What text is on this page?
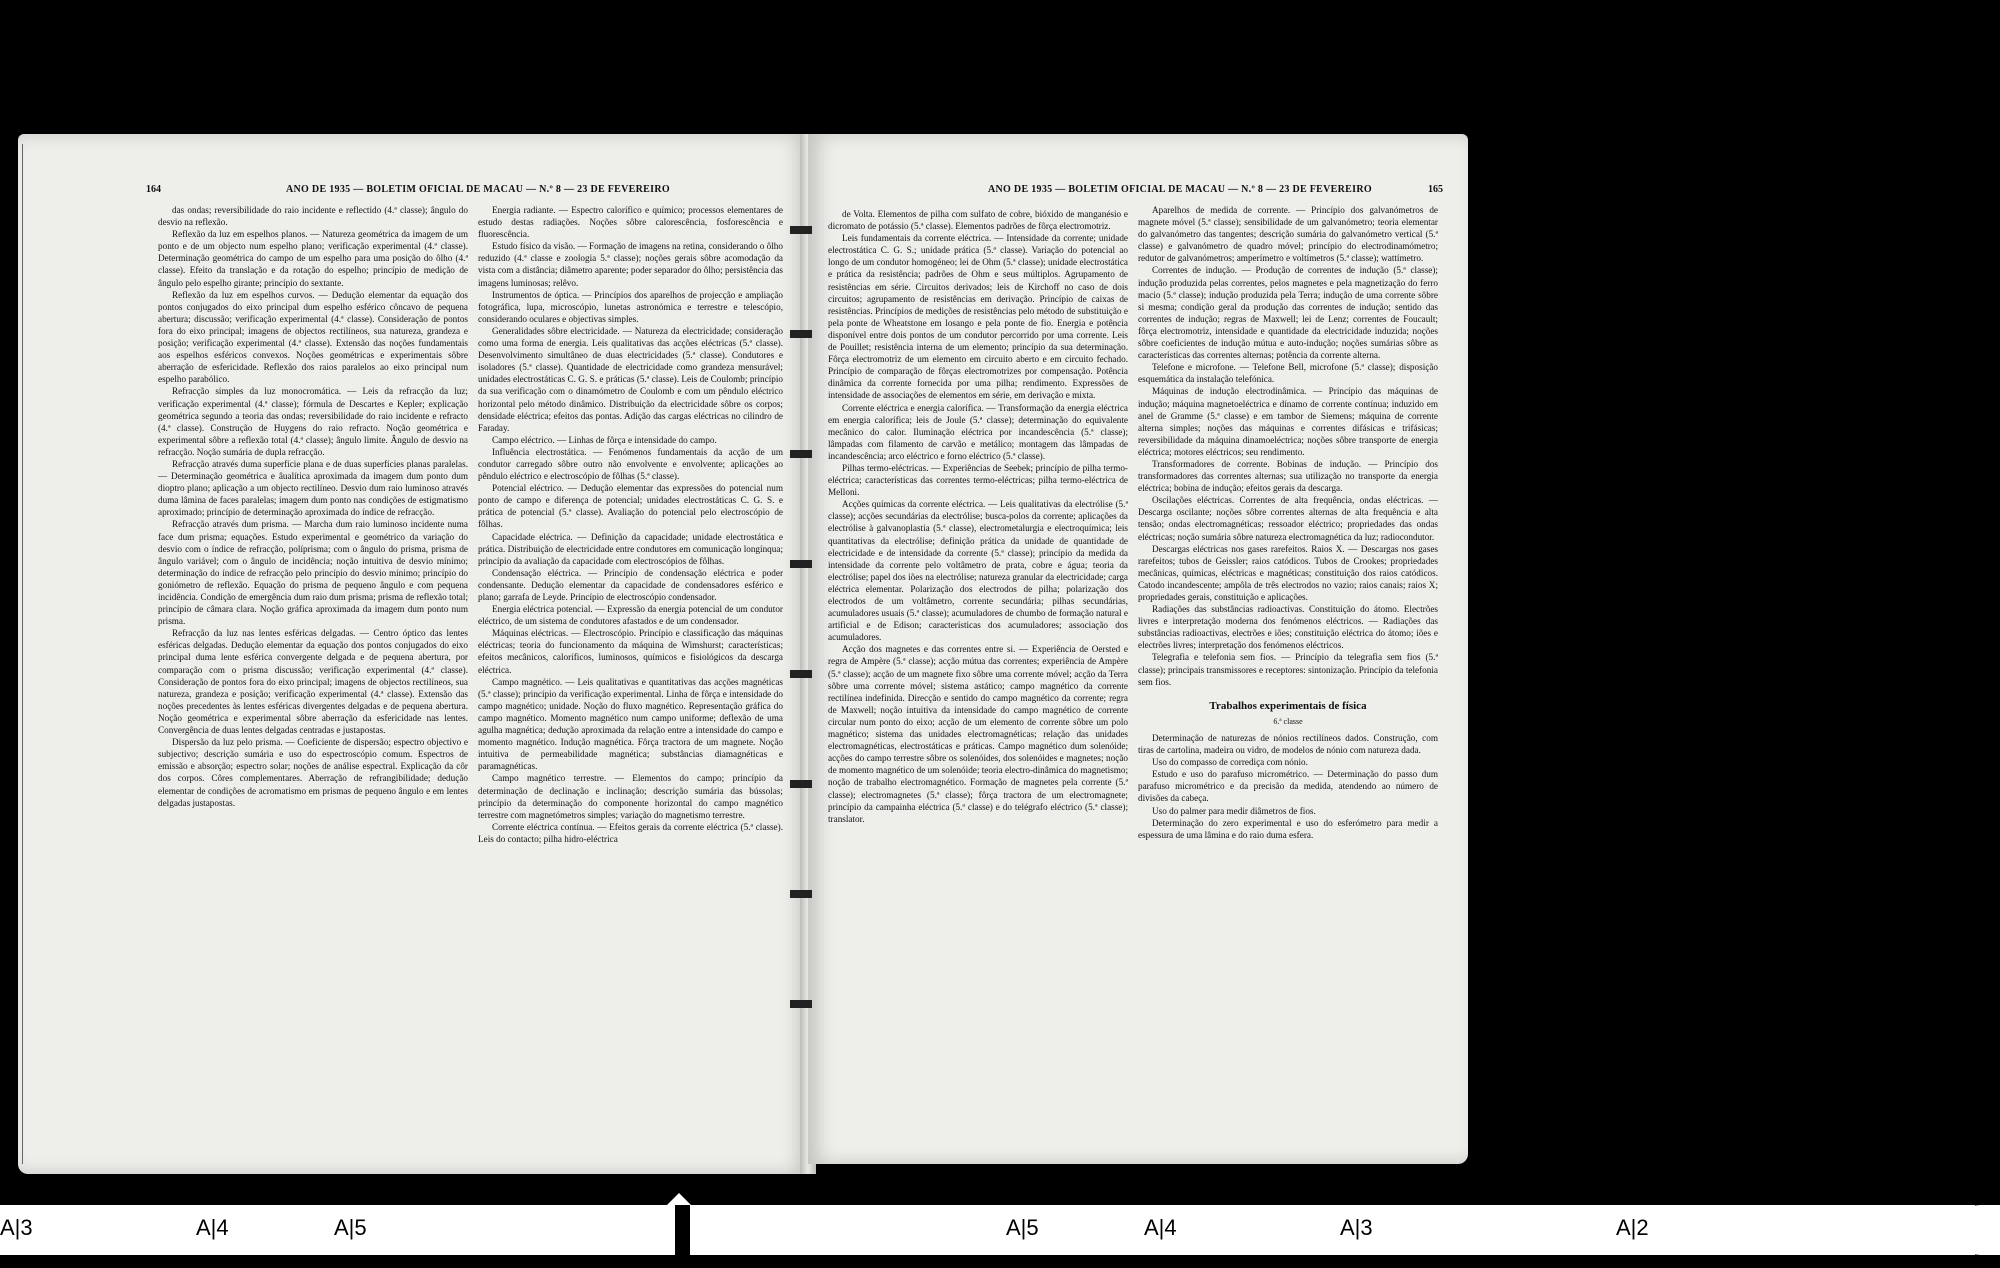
164	ANO DE 1935 — BOLETIM OFICIAL DE MACAU — N.º 8 — 23 DE FEVEREIRO

das ondas; reversibilidade do raio incidente e reflectido (4.ª classe); ângulo do desvio na reflexão.

Reflexão da luz em espelhos planos. — Natureza geométrica da imagem de um ponto e de um objecto num espelho plano; verificação experimental (4.ª classe). Determinação geométrica do campo de um espelho para uma posição do ôlho (4.ª classe). Efeito da translação e da rotação do espelho; princípio de medição de ângulo pelo espelho girante; princípio do sextante.

Reflexão da luz em espelhos curvos. — Dedução elementar da equação dos pontos conjugados do eixo principal dum espelho esférico côncavo de pequena abertura; discussão; verificação experimental (4.ª classe). Consideração de pontos fora do eixo principal; imagens de objectos rectilíneos, sua natureza, grandeza e posição; verificação experimental (4.ª classe). Extensão das noções fundamentais aos espelhos esféricos convexos. Noções geométricas e experimentais sôbre aberração de esfericidade. Reflexão dos raios paralelos ao eixo principal num espelho parabólico.

Refracção simples da luz monocromática. — Leis da refracção da luz; verificação experimental (4.ª classe); fórmula de Descartes e Kepler; explicação geométrica segundo a teoria das ondas; reversibilidade do raio incidente e refracto (4.ª classe). Construção de Huygens do raio refracto. Noção geométrica e experimental sôbre a reflexão total (4.ª classe); ângulo limite. Ângulo de desvio na refracção. Noção sumária de dupla refracção.

Refracção através duma superfície plana e de duas superfícies planas paralelas. — Determinação geométrica e âualítica aproximada da imagem dum ponto dum dioptro plano; aplicação a um objecto rectilíneo. Desvio dum raio luminoso através duma lâmina de faces paralelas; imagem dum ponto nas condições de estigmatismo aproximado; princípio de determinação aproximada do índice de refracção.

Refracção através dum prisma. — Marcha dum raio luminoso incidente numa face dum prisma; equações. Estudo experimental e geométrico da variação do desvio com o índice de refracção, políprisma; com o ângulo do prisma, prisma de ângulo variável; com o ângulo de incidência; noção intuitiva de desvio mínimo; determinação do índice de refracção pelo princípio do desvio mínimo; princípio do goniómetro de reflexão. Equação do prisma de pequeno ângulo e com pequena incidência. Condição de emergência dum raio dum prisma; prisma de reflexão total; princípio de câmara clara. Noção gráfica aproximada da imagem dum ponto num prisma.

Refracção da luz nas lentes esféricas delgadas. — Centro óptico das lentes esféricas delgadas. Dedução elementar da equação dos pontos conjugados do eixo principal duma lente esférica convergente delgada e de pequena abertura, por comparação com o prisma discussão; verificação experimental (4.ª classe). Consideração de pontos fora do eixo principal; imagens de objectos rectilíneos, sua natureza, grandeza e posição; verificação experimental (4.ª classe). Extensão das noções precedentes às lentes esféricas divergentes delgadas e de pequena abertura. Noção geométrica e experimental sôbre aberração da esfericidade nas lentes. Convergência de duas lentes delgadas centradas e justapostas.

Dispersão da luz pelo prisma. — Coeficiente de dispersão; espectro objectivo e subjectivo; descrição sumária e uso do espectroscópio comum. Espectros de emissão e absorção; espectro solar; noções de análise espectral. Explicação da côr dos corpos. Côres complementares. Aberração de refrangibilidade; dedução elementar de condições de acromatismo em prismas de pequeno ângulo e em lentes delgadas justapostas.

Energia radiante. — Espectro calorífico e químico; processos elementares de estudo destas radiações. Noções sôbre calorescência, fosforescência e fluorescência.

Estudo físico da visão. — Formação de imagens na retina, considerando o ôlho reduzido (4.ª classe e zoologia 5.ª classe); noções gerais sôbre acomodação da vista com a distância; diâmetro aparente; poder separador do ôlho; persistência das imagens luminosas; relêvo.

Instrumentos de óptica. — Princípios dos aparelhos de projecção e ampliação fotográfica, lupa, microscópio, lunetas astronómica e terrestre e telescópio, considerando oculares e objectivas simples.

Generalidades sôbre electricidade. — Natureza da electricidade; consideração como uma forma de energia. Leis qualitativas das acções eléctricas (5.ª classe). Desenvolvimento simultâneo de duas electricidades (5.ª classe). Condutores e isoladores (5.ª classe). Quantidade de electricidade como grandeza mensurável; unidades electrostáticas C. G. S. e práticas (5.ª classe). Leis de Coulomb; princípio da sua verificação com o dinamómetro de Coulomb e com um pêndulo eléctrico horizontal pelo método dinâmico. Distribuição da electricidade sôbre os corpos; densidade eléctrica; efeitos das pontas. Adição das cargas eléctricas no cilindro de Faraday.

Campo eléctrico. — Linhas de fôrça e intensidade do campo.

Influência electrostática. — Fenómenos fundamentais da acção de um condutor carregado sôbre outro não envolvente e envolvente; aplicações ao pêndulo eléctrico e electroscópio de fôlhas (5.ª classe).

Potencial eléctrico. — Dedução elementar das expressões do potencial num ponto de campo e diferença de potencial; unidades electrostáticas C. G. S. e prática de potencial (5.ª classe). Avaliação do potencial pelo electroscópio de fôlhas.

Capacidade eléctrica. — Definição da capacidade; unidade electrostática e prática. Distribuição de electricidade entre condutores em comunicação longínqua; princípio da avaliação da capacidade com electroscópios de fôlhas.

Condensação eléctrica. — Princípio de condensação eléctrica e poder condensante. Dedução elementar da capacidade de condensadores esférico e plano; garrafa de Leyde. Princípio de electroscópio condensador.

Energia eléctrica potencial. — Expressão da energia potencial de um condutor eléctrico, de um sistema de condutores afastados e de um condensador.

Máquinas eléctricas. — Electroscópio. Princípio e classificação das máquinas eléctricas; teoria do funcionamento da máquina de Wimshurst; características; efeitos mecânicos, caloríficos, luminosos, químicos e fisiológicos da descarga eléctrica.

Campo magnético. — Leis qualitativas e quantitativas das acções magnéticas (5.ª classe); princípio da verificação experimental. Linha de fôrça e intensidade do campo magnético; unidade. Noção do fluxo magnético. Representação gráfica do campo magnético. Momento magnético num campo uniforme; deflexão de uma agulha magnética; dedução aproximada da relação entre a intensidade do campo e momento magnético. Indução magnética. Fôrça tractora de um magnete. Noção intuitiva de permeabilidade magnética; substâncias diamagnéticas e paramagnéticas.

Campo magnético terrestre. — Elementos do campo; princípio da determinação de declinação e inclinação; descrição sumária das bússolas; princípio da determinação do componente horizontal do campo magnético terrestre com magnetómetros simples; variação do magnetismo terrestre.

Corrente eléctrica contínua. — Efeitos gerais da corrente eléctrica (5.ª classe). Leis do contacto; pilha hidro-eléctrica

ANO DE 1935 — BOLETIM OFICIAL DE MACAU — N.º 8 — 23 DE FEVEREIRO	165

de Volta. Elementos de pilha com sulfato de cobre, bióxido de manganésio e dicromato de potássio (5.ª classe). Elementos padrões de fôrça electromotriz.

Leis fundamentais da corrente eléctrica. — Intensidade da corrente; unidade electrostática C. G. S.; unidade prática (5.ª classe). Variação do potencial ao longo de um condutor homogéneo; lei de Ohm (5.ª classe); unidade electrostática e prática da resistência; padrões de Ohm e seus múltiplos. Agrupamento de resistências em série. Circuitos derivados; leis de Kirchoff no caso de dois circuitos; agrupamento de resistências em derivação. Princípio de caixas de resistências. Princípios de medições de resistências pelo método de substituição e pela ponte de Wheatstone em losango e pela ponte de fio. Energia e potência disponível entre dois pontos de um condutor percorrido por uma corrente. Leis de Pouillet; resistência interna de um elemento; princípio da sua determinação. Fôrça electromotriz de um elemento em circuito aberto e em circuito fechado. Princípio de comparação de fôrças electromotrizes por compensação. Potência dinâmica da corrente fornecida por uma pilha; rendimento. Expressões de intensidade de associações de elementos em série, em derivação e mixta.

Corrente eléctrica e energia calorífica. — Transformação da energia eléctrica em energia calorífica; leis de Joule (5.ª classe); determinação do equivalente mecânico do calor. Iluminação eléctrica por incandescência (5.ª classe); lâmpadas com filamento de carvão e metálico; montagem das lâmpadas de incandescência; arco eléctrico e forno eléctrico (5.ª classe).

Pilhas termo-eléctricas. — Experiências de Seebek; princípio de pilha termo-eléctrica; características das correntes termo-eléctricas; pilha termo-eléctrica de Melloni.

Acções químicas da corrente eléctrica. — Leis qualitativas da electrólise (5.ª classe); acções secundárias da electrólise; busca-polos da corrente; aplicações da electrólise à galvanoplastia (5.ª classe), electrometalurgia e electroquímica; leis quantitativas da electrólise; definição prática da unidade de quantidade de electricidade e de intensidade da corrente (5.ª classe); princípio da medida da intensidade da corrente pelo voltâmetro de prata, cobre e água; teoria da electrólise; papel dos iões na electrólise; natureza granular da electricidade; carga eléctrica elementar. Polarização dos electrodos de pilha; polarização dos electrodos de um voltâmetro, corrente secundária; pilhas secundárias, acumuladores usuais (5.ª classe); acumuladores de chumbo de formação natural e artificial e de Edison; características dos acumuladores; associação dos acumuladores.

Acção dos magnetes e das correntes entre si. — Experiência de Oersted e regra de Ampère (5.ª classe); acção mútua das correntes; experiência de Ampère (5.ª classe); acção de um magnete fixo sôbre uma corrente móvel; acção da Terra sôbre uma corrente móvel; sistema astático; campo magnético da corrente rectilínea indefinida. Direcção e sentido do campo magnético da corrente; regra de Maxwell; noção intuitiva da intensidade do campo magnético de corrente circular num ponto do eixo; acção de um elemento de corrente sôbre um polo magnético; sistema das unidades electromagnéticas; relação das unidades electromagnéticas, electrostáticas e práticas. Campo magnético dum solenóide; acções do campo terrestre sôbre os solenóides, dos solenóides e magnetes; noção de momento magnético de um solenóide; teoria electro-dinâmica do magnetismo; noção de trabalho electromagnético. Formação de magnetes pela corrente (5.ª classe); electromagnetes (5.ª classe); fôrça tractora de um electromagnete; princípio da campainha eléctrica (5.ª classe) e do telégrafo eléctrico (5.ª classe); translator.

Aparelhos de medida de corrente. — Princípio dos galvanómetros de magnete móvel (5.ª classe); sensibilidade de um galvanómetro; teoria elementar do galvanómetro das tangentes; descrição sumária do galvanómetro vertical (5.ª classe) e galvanómetro de quadro móvel; princípio do electrodinamómetro; redutor de galvanómetros; amperímetro e voltímetros (5.ª classe); wattímetro.

Correntes de indução. — Produção de correntes de indução (5.ª classe); indução produzida pelas correntes, pelos magnetes e pela magnetização do ferro macio (5.ª classe); indução produzida pela Terra; indução de uma corrente sôbre si mesma; condição geral da produção das correntes de indução; sentido das correntes de indução; regras de Maxwell; lei de Lenz; correntes de Foucault; fôrça electromotriz, intensidade e quantidade da electricidade induzida; noções sôbre coeficientes de indução mútua e auto-indução; noções sumárias sôbre as características das correntes alternas; potência da corrente alterna.

Telefone e microfone. — Telefone Bell, microfone (5.ª classe); disposição esquemática da instalação telefónica.

Máquinas de indução electrodinâmica. — Princípio das máquinas de indução; máquina magnetoeléctrica e dínamo de corrente contínua; induzido em anel de Gramme (5.ª classe) e em tambor de Siemens; máquina de corrente alterna simples; noções das máquinas e correntes difásicas e trifásicas; reversibilidade da máquina dinamoeléctrica; noções sôbre transporte de energia eléctrica; motores eléctricos; seu rendimento.

Transformadores de corrente. Bobinas de indução. — Princípio dos transformadores das correntes alternas; sua utilização no transporte da energia eléctrica; bobina de indução; efeitos gerais da descarga.

Oscilações eléctricas. Correntes de alta frequência, ondas eléctricas. — Descarga oscilante; noções sôbre correntes alternas de alta frequência e alta tensão; ondas electromagnéticas; ressoador eléctrico; propriedades das ondas eléctricas; noção sumária sôbre natureza electromagnética da luz; radiocondutor.

Descargas eléctricas nos gases rarefeitos. Raios X. — Descargas nos gases rarefeitos; tubos de Geissler; raios catódicos. Tubos de Crookes; propriedades mecânicas, químicas, eléctricas e magnéticas; constituição dos raios catódicos. Catodo incandescente; ampôla de três electrodos no vazio; raios canais; raios X; propriedades gerais, constituição e aplicações.

Radiações das substâncias radioactivas. Constituição do átomo. Electrões livres e interpretação moderna dos fenómenos eléctricos. — Radiações das substâncias radioactivas, electrões e iões; constituição eléctrica do átomo; iões e electrões livres; interpretação dos fenómenos eléctricos.

Telegrafia e telefonia sem fios. — Princípio da telegrafia sem fios (5.ª classe); principais transmissores e receptores: sintonização. Princípio da telefonia sem fios.

Trabalhos experimentais de física
6.ª classe

Determinação de naturezas de nónios rectilíneos dados. Construção, com tiras de cartolina, madeira ou vidro, de modelos de nónio com natureza dada.

Uso do compasso de corrediça com nónio.

Estudo e uso do parafuso micrométrico. — Determinação do passo dum parafuso micrométrico e da precisão da medida, atendendo ao número de divisões da cabeça.

Uso do palmer para medir diâmetros de fios.

Determinação do zero experimental e uso do esferómetro para medir a espessura de uma lâmina e do raio duma esfera.

A|3	A|4	A|5	A|5	A|4	A|3	A|2
